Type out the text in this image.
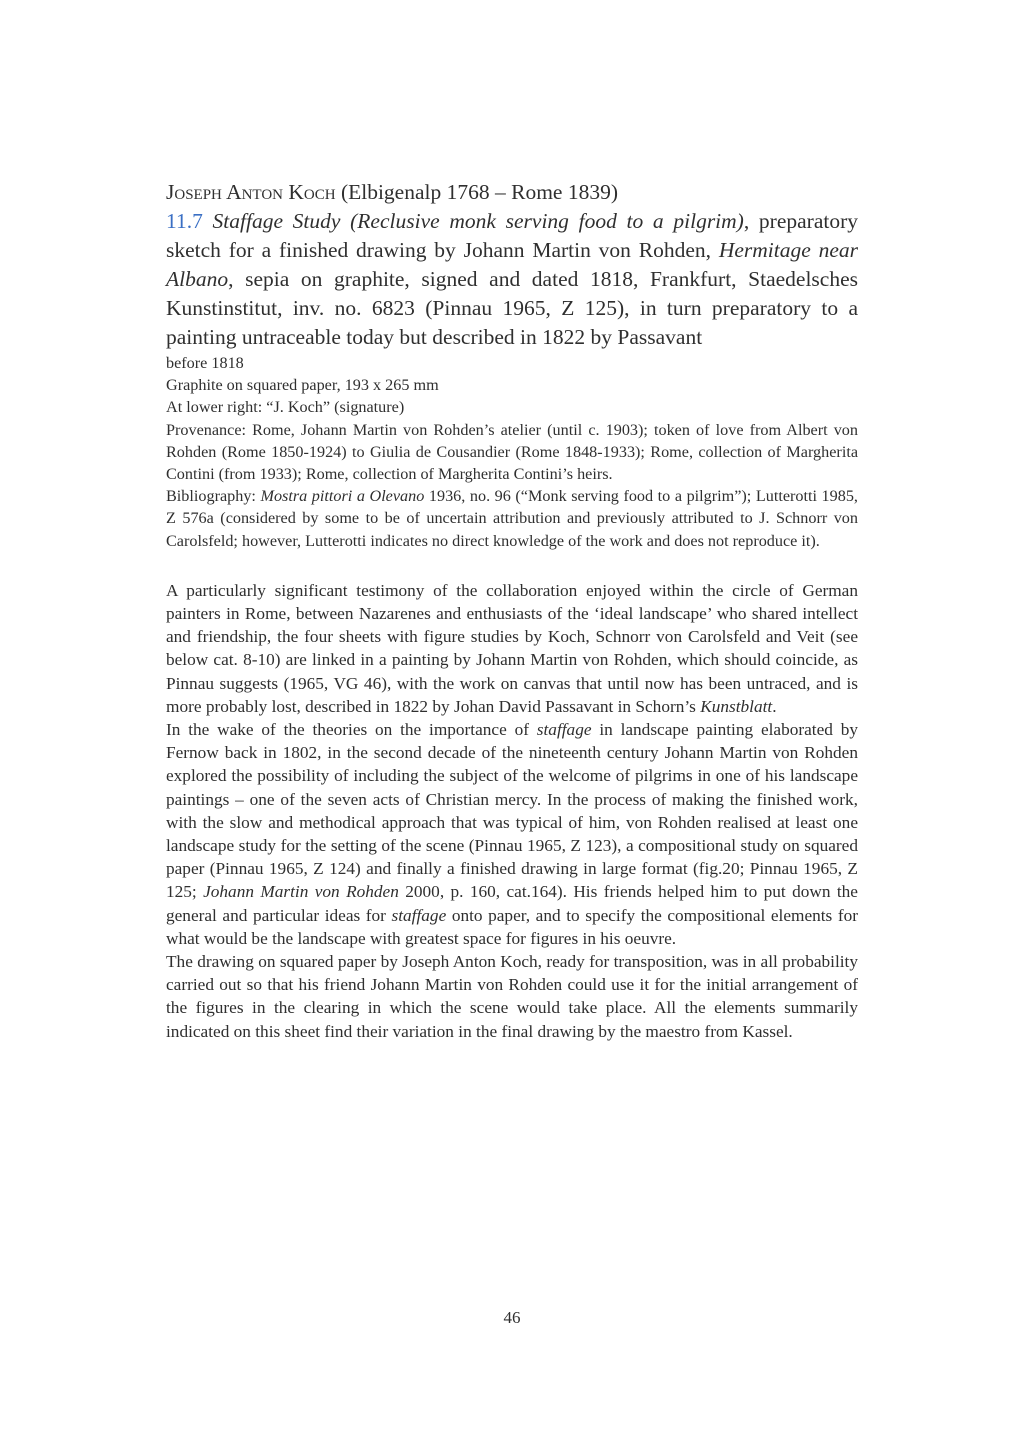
Joseph Anton Koch (Elbigenalp 1768 – Rome 1839)
11.7 Staffage Study (Reclusive monk serving food to a pilgrim), preparatory sketch for a finished drawing by Johann Martin von Rohden, Hermitage near Albano, sepia on graphite, signed and dated 1818, Frankfurt, Staedelsches Kunstinstitut, inv. no. 6823 (Pinnau 1965, Z 125), in turn preparatory to a painting untraceable today but described in 1822 by Passavant

before 1818

Graphite on squared paper, 193 x 265 mm

At lower right: “J. Koch” (signature)

Provenance: Rome, Johann Martin von Rohden’s atelier (until c. 1903); token of love from Albert von Rohden (Rome 1850-1924) to Giulia de Cousandier (Rome 1848-1933); Rome, collection of Margherita Contini (from 1933); Rome, collection of Margherita Contini’s heirs.

Bibliography: Mostra pittori a Olevano 1936, no. 96 (“Monk serving food to a pilgrim”); Lutterotti 1985, Z 576a (considered by some to be of uncertain attribution and previously attributed to J. Schnorr von Carolsfeld; however, Lutterotti indicates no direct knowledge of the work and does not reproduce it).

A particularly significant testimony of the collaboration enjoyed within the circle of German painters in Rome, between Nazarenes and enthusiasts of the ‘ideal landscape’ who shared intellect and friendship, the four sheets with figure studies by Koch, Schnorr von Carolsfeld and Veit (see below cat. 8-10) are linked in a painting by Johann Martin von Rohden, which should coincide, as Pinnau suggests (1965, VG 46), with the work on canvas that until now has been untraced, and is more probably lost, described in 1822 by Johan David Passavant in Schorn’s Kunstblatt.

In the wake of the theories on the importance of staffage in landscape painting elaborated by Fernow back in 1802, in the second decade of the nineteenth century Johann Martin von Rohden explored the possibility of including the subject of the welcome of pilgrims in one of his landscape paintings – one of the seven acts of Christian mercy. In the process of making the finished work, with the slow and methodical approach that was typical of him, von Rohden realised at least one landscape study for the setting of the scene (Pinnau 1965, Z 123), a compositional study on squared paper (Pinnau 1965, Z 124) and finally a finished drawing in large format (fig.20; Pinnau 1965, Z 125; Johann Martin von Rohden 2000, p. 160, cat.164). His friends helped him to put down the general and particular ideas for staffage onto paper, and to specify the compositional elements for what would be the landscape with greatest space for figures in his oeuvre.

The drawing on squared paper by Joseph Anton Koch, ready for transposition, was in all probability carried out so that his friend Johann Martin von Rohden could use it for the initial arrangement of the figures in the clearing in which the scene would take place. All the elements summarily indicated on this sheet find their variation in the final drawing by the maestro from Kassel.

46
